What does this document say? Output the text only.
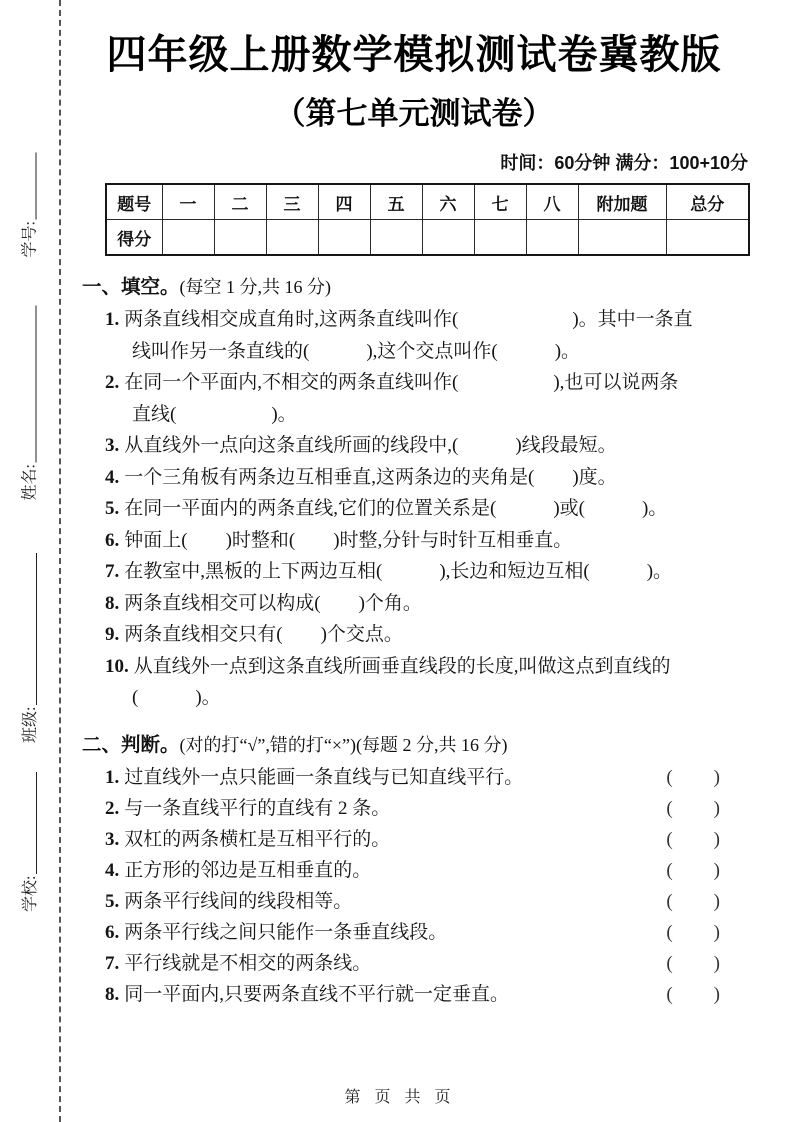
学号:
姓名:
班级:
学校:
四年级上册数学模拟测试卷冀教版
（第七单元测试卷）
时间：60分钟 满分：100+10分
题号	一	二	三	四	五	六	七	八	附加题	总分
得分										
一、填空。(每空 1 分,共 16 分)
1. 两条直线相交成直角时,这两条直线叫作(　　　　　　)。其中一条直
线叫作另一条直线的(　　　),这个交点叫作(　　　)。
2. 在同一个平面内,不相交的两条直线叫作(　　　　　),也可以说两条
直线(　　　　　)。
3. 从直线外一点向这条直线所画的线段中,(　　　)线段最短。
4. 一个三角板有两条边互相垂直,这两条边的夹角是(　　)度。
5. 在同一平面内的两条直线,它们的位置关系是(　　　)或(　　　)。
6. 钟面上(　　)时整和(　　)时整,分针与时针互相垂直。
7. 在教室中,黑板的上下两边互相(　　　),长边和短边互相(　　　)。
8. 两条直线相交可以构成(　　)个角。
9. 两条直线相交只有(　　)个交点。
10. 从直线外一点到这条直线所画垂直线段的长度,叫做这点到直线的
(　　　)。
二、判断。(对的打“√”,错的打“×”)(每题 2 分,共 16 分)
1. 过直线外一点只能画一条直线与已知直线平行。	(　　)
2. 与一条直线平行的直线有 2 条。	(　　)
3. 双杠的两条横杠是互相平行的。	(　　)
4. 正方形的邻边是互相垂直的。	(　　)
5. 两条平行线间的线段相等。	(　　)
6. 两条平行线之间只能作一条垂直线段。	(　　)
7. 平行线就是不相交的两条线。	(　　)
8. 同一平面内,只要两条直线不平行就一定垂直。	(　　)
第 页 共 页
